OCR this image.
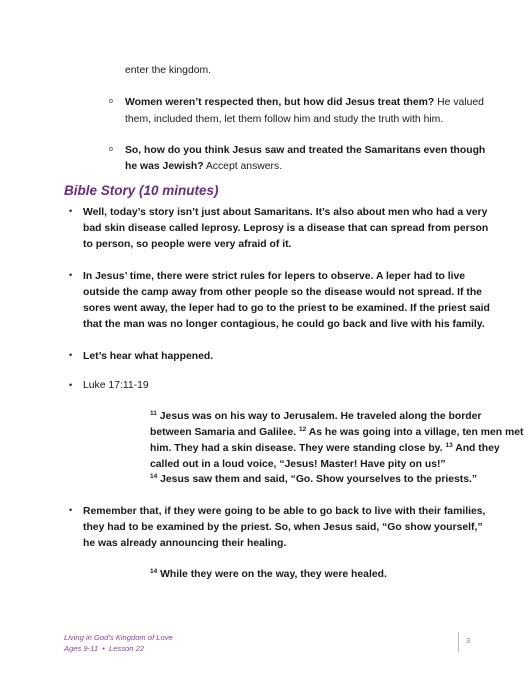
enter the kingdom.
o Women weren’t respected then, but how did Jesus treat them? He valued
them, included them, let them follow him and study the truth with him.
o So, how do you think Jesus saw and treated the Samaritans even though
he was Jewish? Accept answers.
Bible Story (10 minutes)
• Well, today’s story isn’t just about Samaritans. It’s also about men who had a very
bad skin disease called leprosy. Leprosy is a disease that can spread from person
to person, so people were very afraid of it.
• In Jesus’ time, there were strict rules for lepers to observe. A leper had to live
outside the camp away from other people so the disease would not spread. If the
sores went away, the leper had to go to the priest to be examined. If the priest said
that the man was no longer contagious, he could go back and live with his family.
• Let’s hear what happened.
• Luke 17:11-19
$^{11}$ Jesus was on his way to Jerusalem. He traveled along the border
between Samaria and Galilee. $^{12}$ As he was going into a village, ten men met
him. They had a skin disease. They were standing close by. $^{13}$ And they
called out in a loud voice, “Jesus! Master! Have pity on us!”
$^{14}$ Jesus saw them and said, “Go. Show yourselves to the priests.”
• Remember that, if they were going to be able to go back to live with their families,
they had to be examined by the priest. So, when Jesus said, “Go show yourself,”
he was already announcing their healing.
$^{14}$ While they were on the way, they were healed.
Living in God’s Kingdom of Love
Ages 9-11 • Lesson 22
3
